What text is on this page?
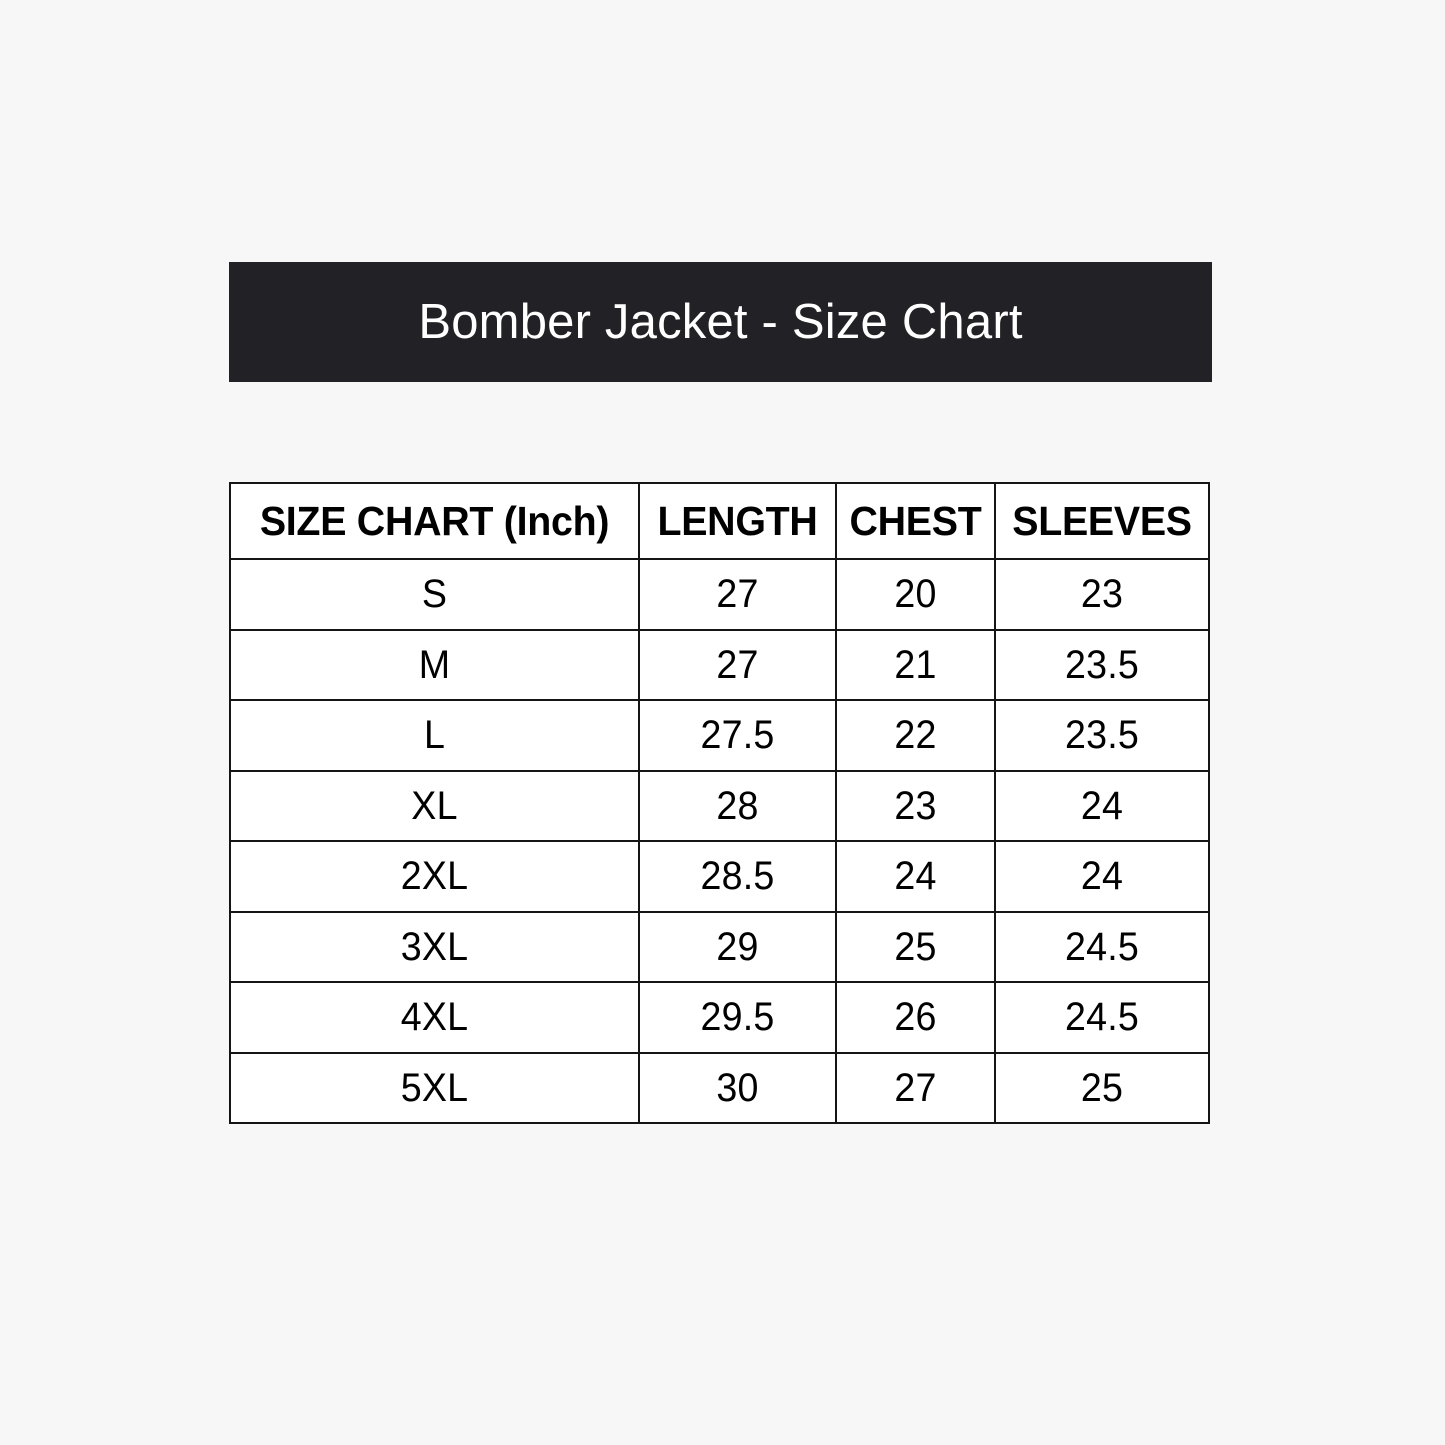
Bomber Jacket - Size Chart
SIZE CHART (Inch)	LENGTH	CHEST	SLEEVES
S	27	20	23
M	27	21	23.5
L	27.5	22	23.5
XL	28	23	24
2XL	28.5	24	24
3XL	29	25	24.5
4XL	29.5	26	24.5
5XL	30	27	25
